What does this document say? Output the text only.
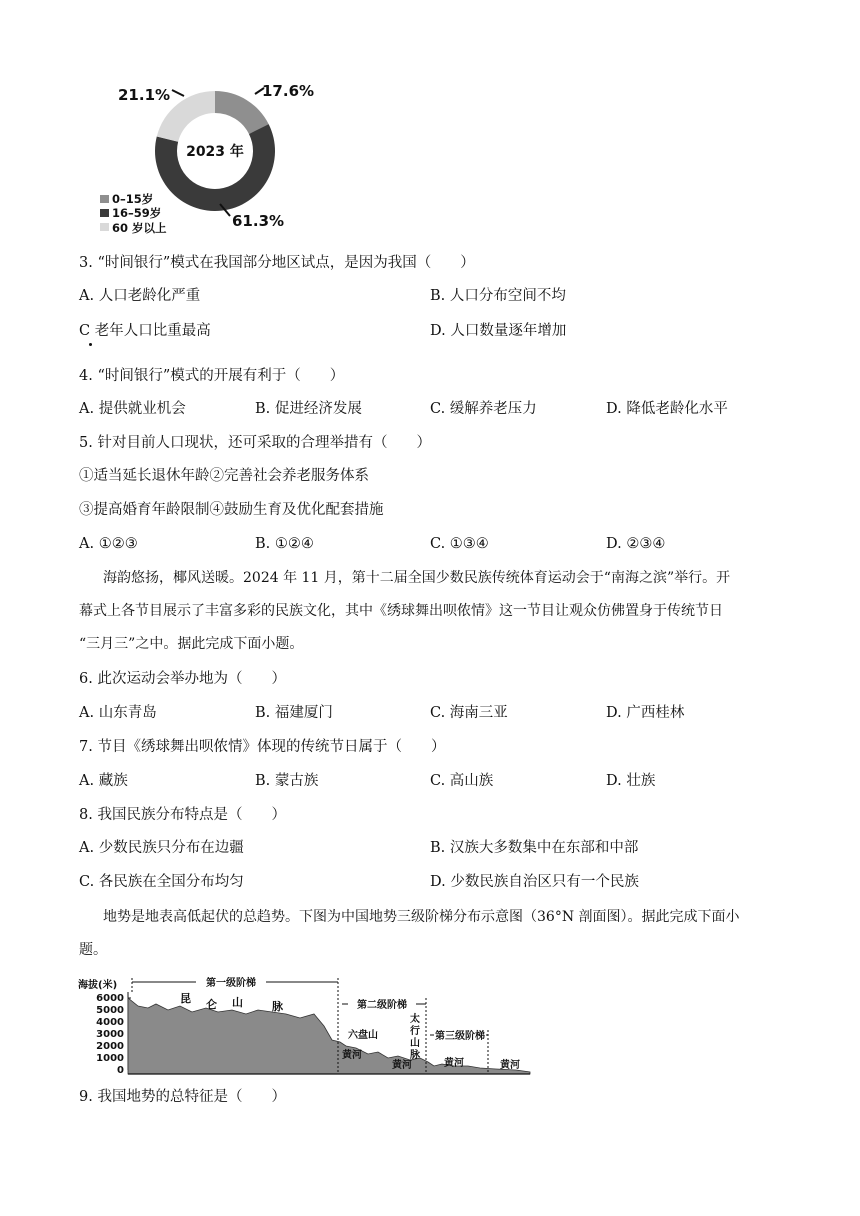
2023 年
17.6%
21.1%
61.3%
0–15岁
16–59岁
60 岁以上
3. “时间银行”模式在我国部分地区试点，是因为我国（　　）
A. 人口老龄化严重	B. 人口分布空间不均
C 老年人口比重最高	D. 人口数量逐年增加
4. “时间银行”模式的开展有利于（　　）
A. 提供就业机会	B. 促进经济发展	C. 缓解养老压力	D. 降低老龄化水平
5. 针对目前人口现状，还可采取的合理举措有（　　）
①适当延长退休年龄②完善社会养老服务体系
③提高婚育年龄限制④鼓励生育及优化配套措施
A. ①②③	B. ①②④	C. ①③④	D. ②③④
海韵悠扬，椰风送暖。2024 年 11 月，第十二届全国少数民族传统体育运动会于“南海之滨”举行。开
幕式上各节目展示了丰富多彩的民族文化，其中《绣球舞出呗侬情》这一节目让观众仿佛置身于传统节日
“三月三”之中。据此完成下面小题。
6. 此次运动会举办地为（　　）
A. 山东青岛	B. 福建厦门	C. 海南三亚	D. 广西桂林
7. 节目《绣球舞出呗侬情》体现的传统节日属于（　　）
A. 藏族	B. 蒙古族	C. 高山族	D. 壮族
8. 我国民族分布特点是（　　）
A. 少数民族只分布在边疆	B. 汉族大多数集中在东部和中部
C. 各民族在全国分布均匀	D. 少数民族自治区只有一个民族
地势是地表高低起伏的总趋势。下图为中国地势三级阶梯分布示意图（36°N 剖面图）。据此完成下面小
题。
海拔(米)
6000
5000
4000
3000
2000
1000
0
第一级阶梯
第二级阶梯
第三级阶梯
昆 仑 山	脉
六盘山
太
行
山
脉
黄河
黄河	黄河	黄河
9. 我国地势的总特征是（　　）
